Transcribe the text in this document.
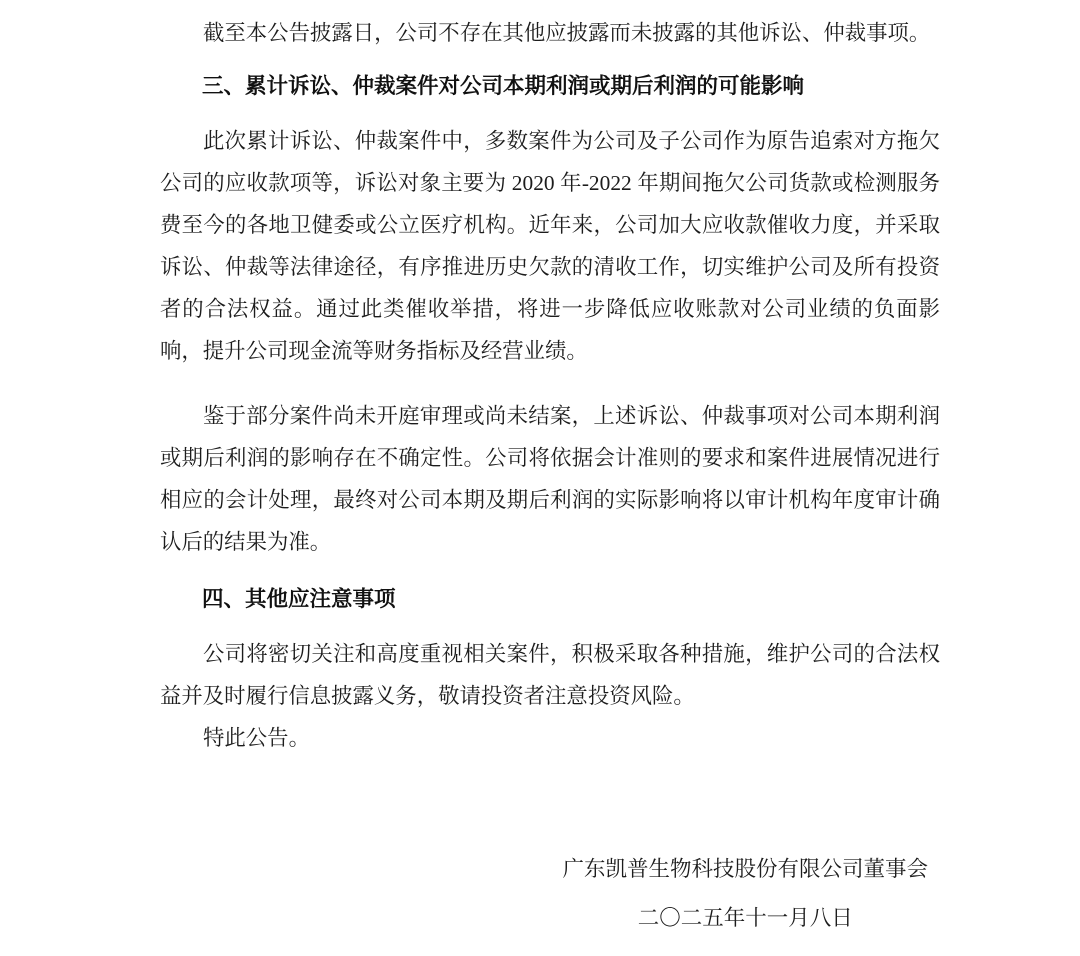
截至本公告披露日，公司不存在其他应披露而未披露的其他诉讼、仲裁事项。

三、累计诉讼、仲裁案件对公司本期利润或期后利润的可能影响

此次累计诉讼、仲裁案件中，多数案件为公司及子公司作为原告追索对方拖欠公司的应收款项等，诉讼对象主要为 2020 年-2022 年期间拖欠公司货款或检测服务费至今的各地卫健委或公立医疗机构。近年来，公司加大应收款催收力度，并采取诉讼、仲裁等法律途径，有序推进历史欠款的清收工作，切实维护公司及所有投资者的合法权益。通过此类催收举措，将进一步降低应收账款对公司业绩的负面影响，提升公司现金流等财务指标及经营业绩。

鉴于部分案件尚未开庭审理或尚未结案，上述诉讼、仲裁事项对公司本期利润或期后利润的影响存在不确定性。公司将依据会计准则的要求和案件进展情况进行相应的会计处理，最终对公司本期及期后利润的实际影响将以审计机构年度审计确认后的结果为准。

四、其他应注意事项

公司将密切关注和高度重视相关案件，积极采取各种措施，维护公司的合法权益并及时履行信息披露义务，敬请投资者注意投资风险。

特此公告。

广东凯普生物科技股份有限公司董事会
二〇二五年十一月八日
